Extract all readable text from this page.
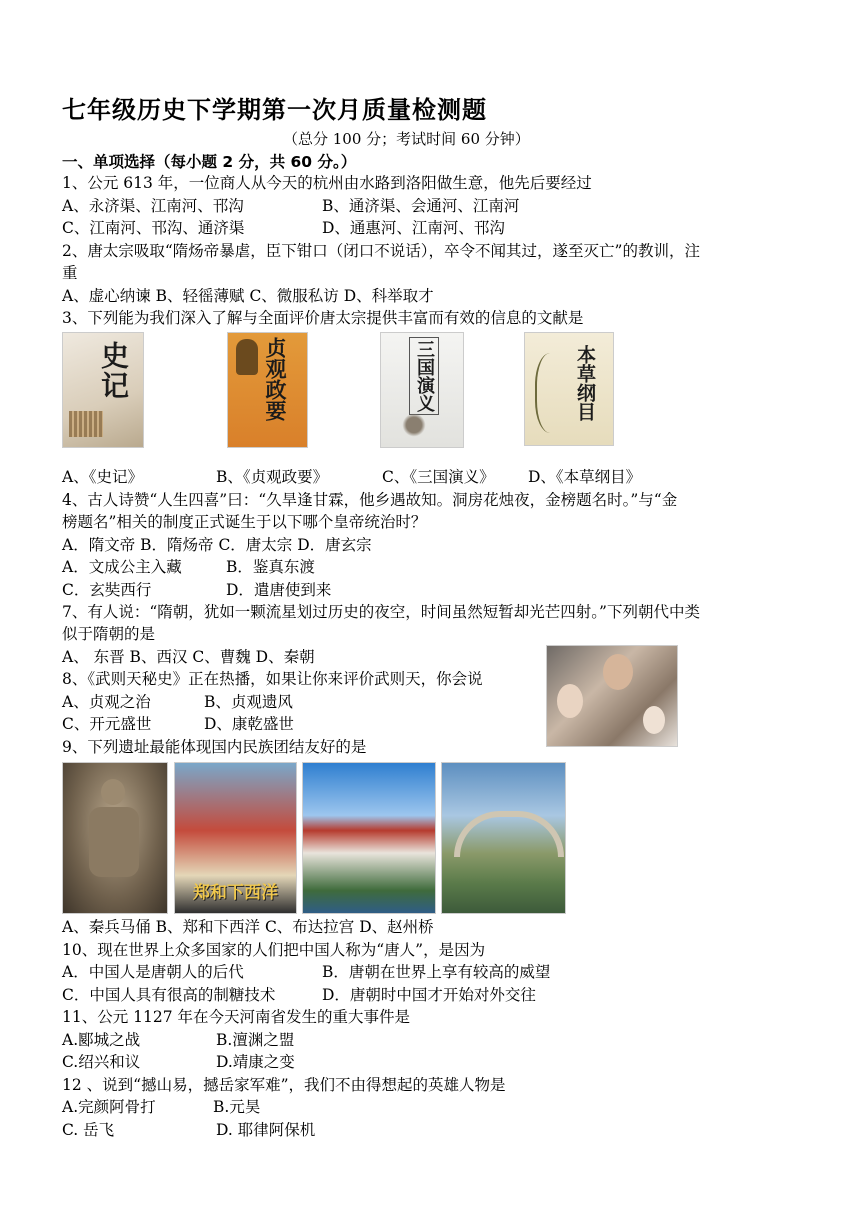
七年级历史下学期第一次月质量检测题
（总分 100 分；考试时间 60 分钟）
一、单项选择（每小题 2 分，共 60 分。）
1、公元 613 年，一位商人从今天的杭州由水路到洛阳做生意，他先后要经过
A、永济渠、江南河、邗沟	B、通济渠、会通河、江南河
C、江南河、邗沟、通济渠	D、通惠河、江南河、邗沟
2、唐太宗吸取“隋炀帝暴虐，臣下钳口（闭口不说话），卒令不闻其过，遂至灭亡”的教训，注
重
A、虚心纳谏 B、轻徭薄赋 C、微服私访 D、科举取才
3、下列能为我们深入了解与全面评价唐太宗提供丰富而有效的信息的文献是
史记	贞观政要	三国演义	本草纲目
A、《史记》	B、《贞观政要》	C、《三国演义》 D、《本草纲目》
4、古人诗赞“人生四喜”曰：“久旱逢甘霖，他乡遇故知。洞房花烛夜，金榜题名时。”与“金
榜题名”相关的制度正式诞生于以下哪个皇帝统治时？
A．隋文帝 B．隋炀帝 C．唐太宗 D．唐玄宗
A．文成公主入藏	B．鉴真东渡
C．玄奘西行	D．遣唐使到来
7、有人说：“隋朝，犹如一颗流星划过历史的夜空，时间虽然短暂却光芒四射。”下列朝代中类
似于隋朝的是
A、 东晋 B、西汉 C、曹魏 D、秦朝
8、《武则天秘史》正在热播，如果让你来评价武则天，你会说
A、贞观之治	B、贞观遗风
C、开元盛世	D、康乾盛世
9、下列遗址最能体现国内民族团结友好的是
郑和下西洋
A、秦兵马俑 B、郑和下西洋 C、布达拉宫 D、赵州桥
10、现在世界上众多国家的人们把中国人称为“唐人”，是因为
A．中国人是唐朝人的后代	B．唐朝在世界上享有较高的威望
C．中国人具有很高的制糖技术	D．唐朝时中国才开始对外交往
11、公元 1127 年在今天河南省发生的重大事件是
A.郾城之战	B.澶渊之盟
C.绍兴和议	D.靖康之变
12 、说到“撼山易，撼岳家军难”，我们不由得想起的英雄人物是
A.完颜阿骨打	B.元昊
C. 岳飞	D. 耶律阿保机
